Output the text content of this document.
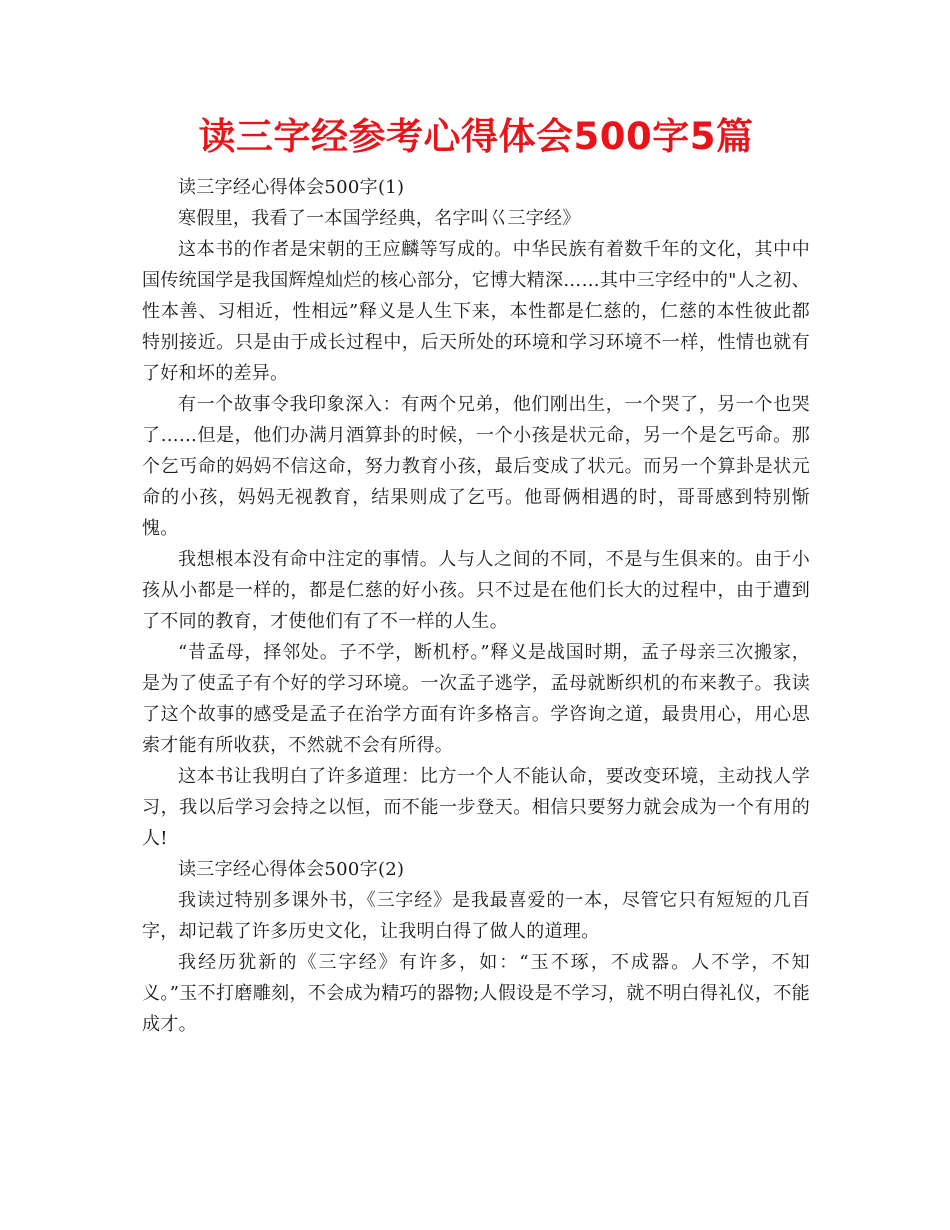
读三字经参考心得体会500字5篇

读三字经心得体会500字(1)

寒假里，我看了一本国学经典，名字叫巜三字经》

这本书的作者是宋朝的王应麟等写成的。中华民族有着数千年的文化，其中中国传统国学是我国辉煌灿烂的核心部分，它博大精深……其中三字经中的"人之初、性本善、习相近，性相远”释义是人生下来，本性都是仁慈的，仁慈的本性彼此都特别接近。只是由于成长过程中，后天所处的环境和学习环境不一样，性情也就有了好和坏的差异。

有一个故事令我印象深入：有两个兄弟，他们刚出生，一个哭了，另一个也哭了……但是，他们办满月酒算卦的时候，一个小孩是状元命，另一个是乞丐命。那个乞丐命的妈妈不信这命，努力教育小孩，最后变成了状元。而另一个算卦是状元命的小孩，妈妈无视教育，结果则成了乞丐。他哥俩相遇的时，哥哥感到特别惭愧。

我想根本没有命中注定的事情。人与人之间的不同，不是与生俱来的。由于小孩从小都是一样的，都是仁慈的好小孩。只不过是在他们长大的过程中，由于遭到了不同的教育，才使他们有了不一样的人生。

“昔孟母，择邻处。子不学，断机杼。”释义是战国时期，孟子母亲三次搬家，是为了使孟子有个好的学习环境。一次孟子逃学，孟母就断织机的布来教子。我读了这个故事的感受是孟子在治学方面有许多格言。学咨询之道，最贵用心，用心思索才能有所收获，不然就不会有所得。

这本书让我明白了许多道理：比方一个人不能认命，要改变环境，主动找人学习，我以后学习会持之以恒，而不能一步登天。相信只要努力就会成为一个有用的人!

读三字经心得体会500字(2)

我读过特别多课外书，《三字经》是我最喜爱的一本，尽管它只有短短的几百字，却记载了许多历史文化，让我明白得了做人的道理。

我经历犹新的《三字经》有许多，如：“玉不琢，不成器。人不学，不知义。”玉不打磨雕刻，不会成为精巧的器物;人假设是不学习，就不明白得礼仪，不能成才。
